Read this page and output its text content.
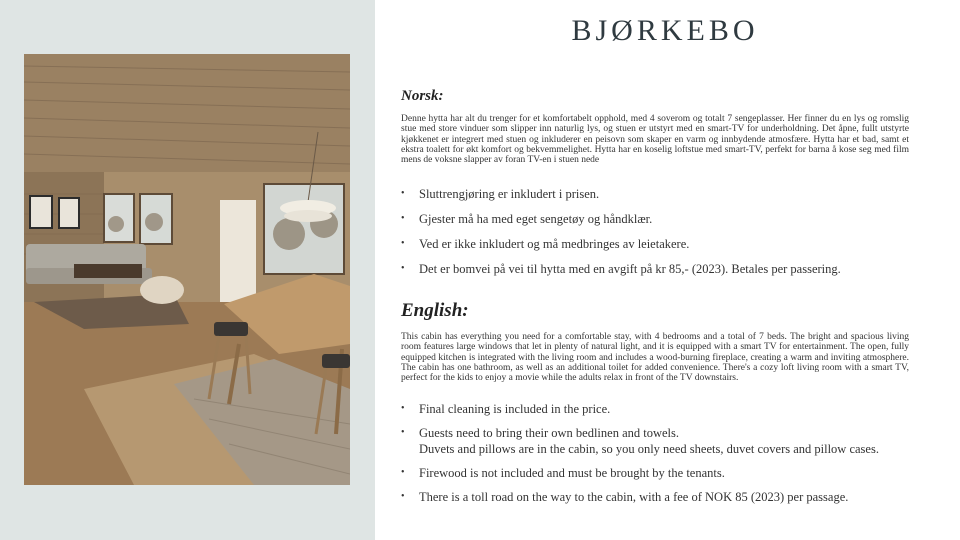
BJØRKEBO
Norsk:

Denne hytta har alt du trenger for et komfortabelt opphold, med 4 soverom og totalt 7 sengeplasser. Her finner du en lys og romslig stue med store vinduer som slipper inn naturlig lys, og stuen er utstyrt med en smart-TV for underholdning. Det åpne, fullt utstyrte kjøkkenet er integrert med stuen og inkluderer en peisovn som skaper en varm og innbydende atmosfære. Hytta har et bad, samt et ekstra toalett for økt komfort og bekvemmelighet. Hytta har en koselig loftstue med smart-TV, perfekt for barna å kose seg med film mens de voksne slapper av foran TV-en i stuen nede

• Sluttrengjøring er inkludert i prisen.
• Gjester må ha med eget sengetøy og håndklær.
• Ved er ikke inkludert og må medbringes av leietakere.
• Det er bomvei på vei til hytta med en avgift på kr 85,- (2023). Betales per passering.
English:

This cabin has everything you need for a comfortable stay, with 4 bedrooms and a total of 7 beds. The bright and spacious living room features large windows that let in plenty of natural light, and it is equipped with a smart TV for entertainment. The open, fully equipped kitchen is integrated with the living room and includes a wood-burning fireplace, creating a warm and inviting atmosphere. The cabin has one bathroom, as well as an additional toilet for added convenience. There's a cozy loft living room with a smart TV, perfect for the kids to enjoy a movie while the adults relax in front of the TV downstairs.

• Final cleaning is included in the price.
• Guests need to bring their own bedlinen and towels.
Duvets and pillows are in the cabin, so you only need sheets, duvet covers and pillow cases.
• Firewood is not included and must be brought by the tenants.
• There is a toll road on the way to the cabin, with a fee of NOK 85 (2023) per passage.
